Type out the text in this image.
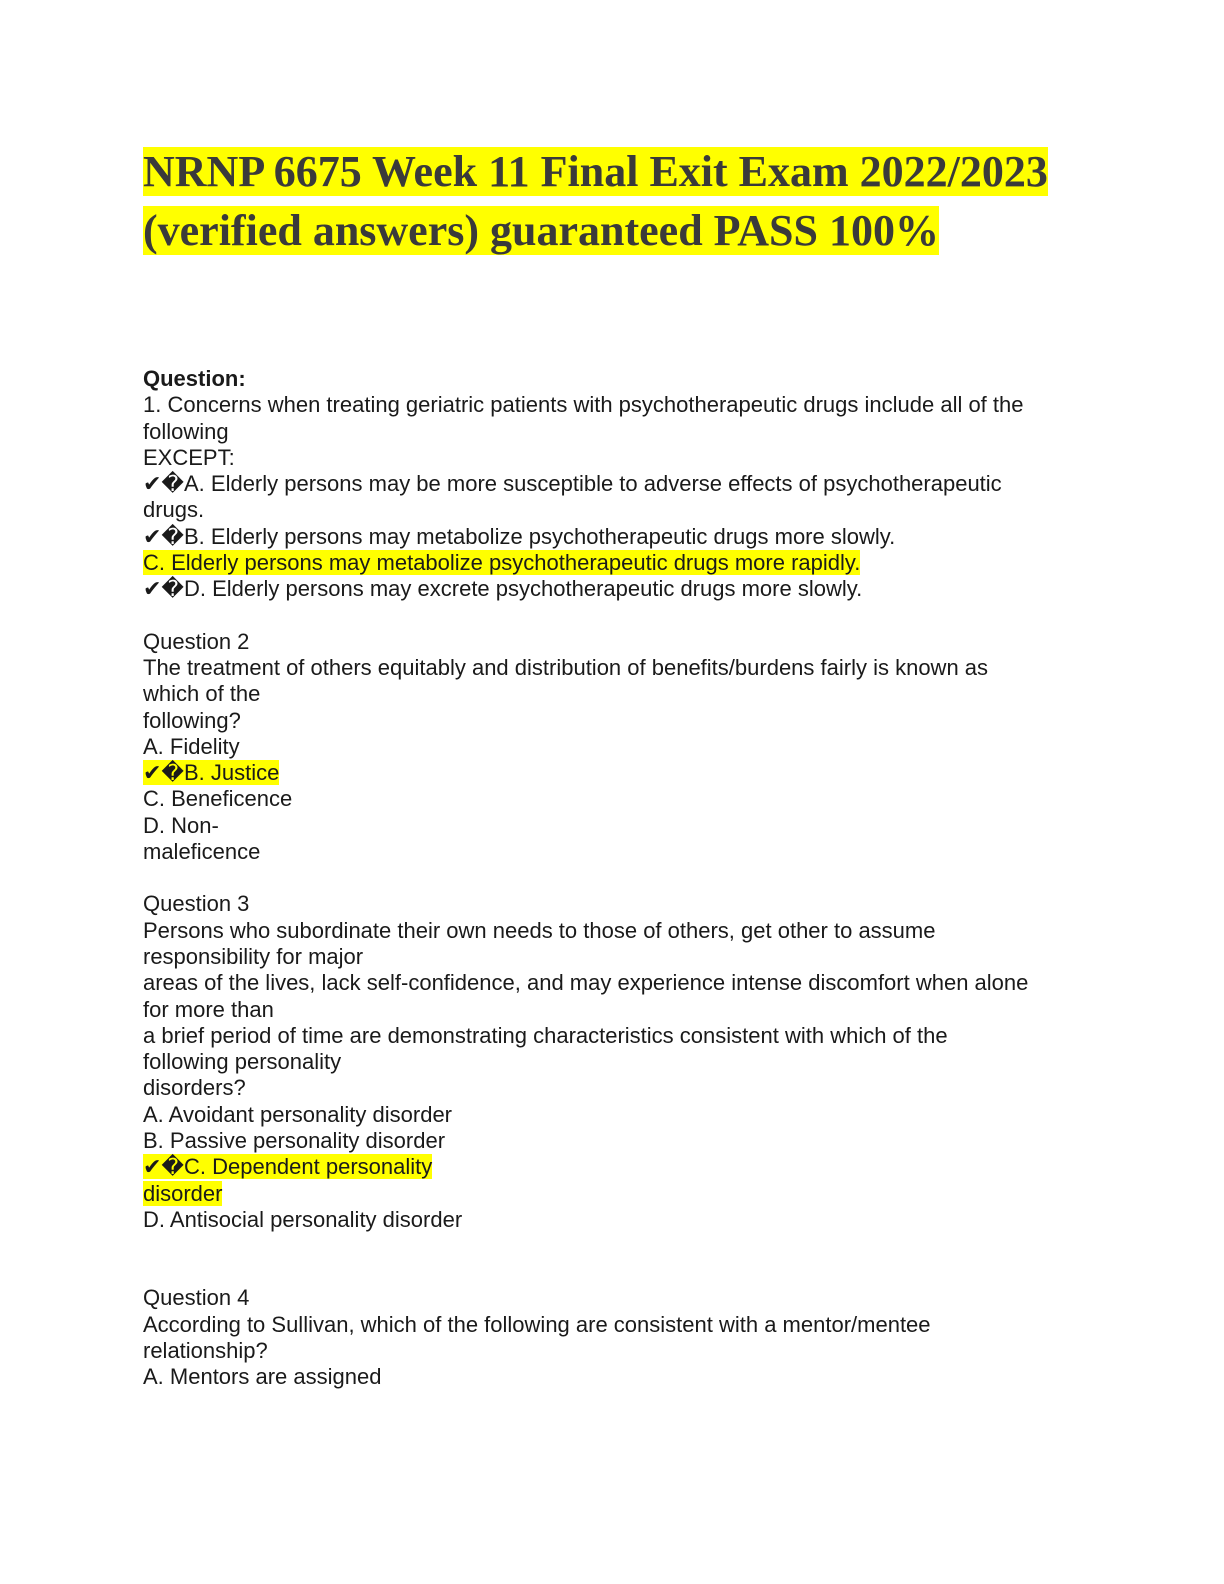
NRNP 6675 Week 11 Final Exit Exam 2022/2023
(verified answers) guaranteed PASS 100%
Question:
1. Concerns when treating geriatric patients with psychotherapeutic drugs include all of the
following
EXCEPT:
✔�A. Elderly persons may be more susceptible to adverse effects of psychotherapeutic
drugs.
✔�B. Elderly persons may metabolize psychotherapeutic drugs more slowly.
C. Elderly persons may metabolize psychotherapeutic drugs more rapidly.
✔�D. Elderly persons may excrete psychotherapeutic drugs more slowly.
Question 2
The treatment of others equitably and distribution of benefits/burdens fairly is known as
which of the
following?
A. Fidelity
✔�B. Justice
C. Beneficence
D. Non-
maleficence
Question 3
Persons who subordinate their own needs to those of others, get other to assume
responsibility for major
areas of the lives, lack self-confidence, and may experience intense discomfort when alone
for more than
a brief period of time are demonstrating characteristics consistent with which of the
following personality
disorders?
A. Avoidant personality disorder
B. Passive personality disorder
✔�C. Dependent personality
disorder
D. Antisocial personality disorder
Question 4
According to Sullivan, which of the following are consistent with a mentor/mentee
relationship?
A. Mentors are assigned
